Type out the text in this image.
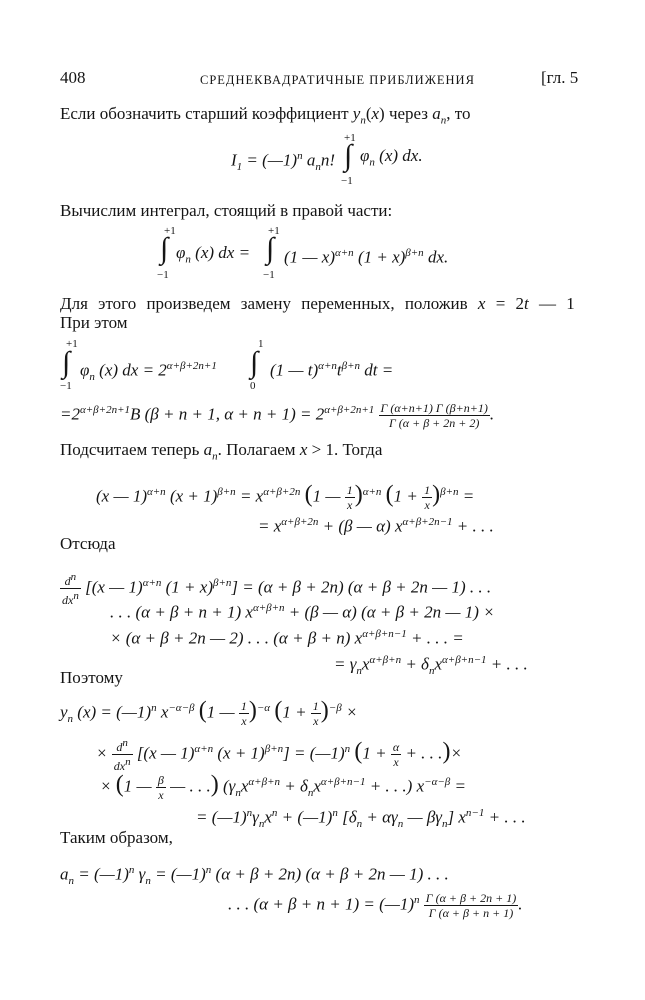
408	СРЕДНЕКВАДРАТИЧНЫЕ ПРИБЛИЖЕНИЯ	[гл. 5
Если обозначить старший коэффициент $y_n(x)$ через $a_n$, то
$I_1$ = (—1)$^n$ $a_nn$! ​ ∫
+1
−1
$\varphi_n$ (x) dx.
Вычислим интеграл, стоящий в правой части:
∫
+1
−1
$\varphi_n$ (x) dx = ∫
+1
−1
(1 — x)$^{\alpha+n}$ $(1 + x)^{\beta+n}$ dx.
Для этого произведем замену переменных, положив x = 2t — 1
При этом
∫
+1
−1
$\varphi_n$ (x) dx = $2^{\alpha+\beta+2n+1}$ ∫
1
0
(1 — $t)^{\alpha+n}t^{\beta+n}$ dt =
$=2^{\alpha+\beta+2n+1}B$ (β + n + 1, $\alpha + n + 1) = 2^{\alpha+\beta+2n+1} \frac{\Gamma (\alpha+n+1) \Gamma (\beta+n+1)}{\Gamma (\alpha + \beta + 2n + 2)}$ .
Подсчитаем теперь $a_n$. Полагаем x > 1. Тогда
(x — 1)$^{\alpha+n}$ $(x + 1)^{\beta+n} = x^{\alpha+\beta+2n}$ (1 — $\frac{1}{x} )^{\alpha+n}$ $(1 + \frac{1}{x} )^{\beta+n}$ =
= $x^{\alpha+\beta+2n} + (\beta$ — α) $x^{\alpha+\beta+2n-1}$ + . . .
Отсюда
$\frac{d^n}{dx^n} [(x$ — 1)$^{\alpha+n}$ $(1 + x)^{\beta+n}] = (\alpha + \beta + 2n)$ (α + β + 2n — 1) . . .
. . . (α + β + n + 1) $x^{\alpha+\beta+n} + (\beta$ — α) (α + β + 2n — 1) ×
× (α + β + 2n — 2) . . . (α + β + n) $x^{\alpha+\beta+n-1}$ + . . . =
= $\gamma_nx^{\alpha+\beta+n} + \delta_nx^{\alpha+\beta+n-1}$ + . . .
Поэтому
$y_n$ (x) = (—1)$^n$ $x^{-\alpha-\beta}$ (1 — $\frac{1}{x} )^{-\alpha}$ $(1 + \frac{1}{x} )^{-\beta}$ ×
× $\frac{d^n}{dx^n} [(x$ — 1)$^{\alpha+n}$ $(x + 1)^{\beta+n}$] = (—1)$^n$ ($1 + \frac{\alpha}{x}$ + . . .)×
× (1 — $\frac{\beta}{x}$ — . . .) ($\gamma_nx^{\alpha+\beta+n} + \delta_nx^{\alpha+\beta+n-1}$ + . . .) $x^{-\alpha-\beta}$ =
= $(—1)^n\gamma_nx^n$ + (—1)$^n$ [$\delta_n + \alpha\gamma_n$ — $\beta\gamma_n$] $x^{n-1}$ + . . .
Таким образом,
$a_n$ = (—1)$^n$ $\gamma_n$ = (—1)$^n$ (α + β + 2n) (α + β + 2n — 1) . . .
. . . (α + β + n + 1) = (—1)$^n$ $\frac{\Gamma (\alpha + \beta + 2n + 1)}{\Gamma (\alpha + \beta + n + 1)}$ .
